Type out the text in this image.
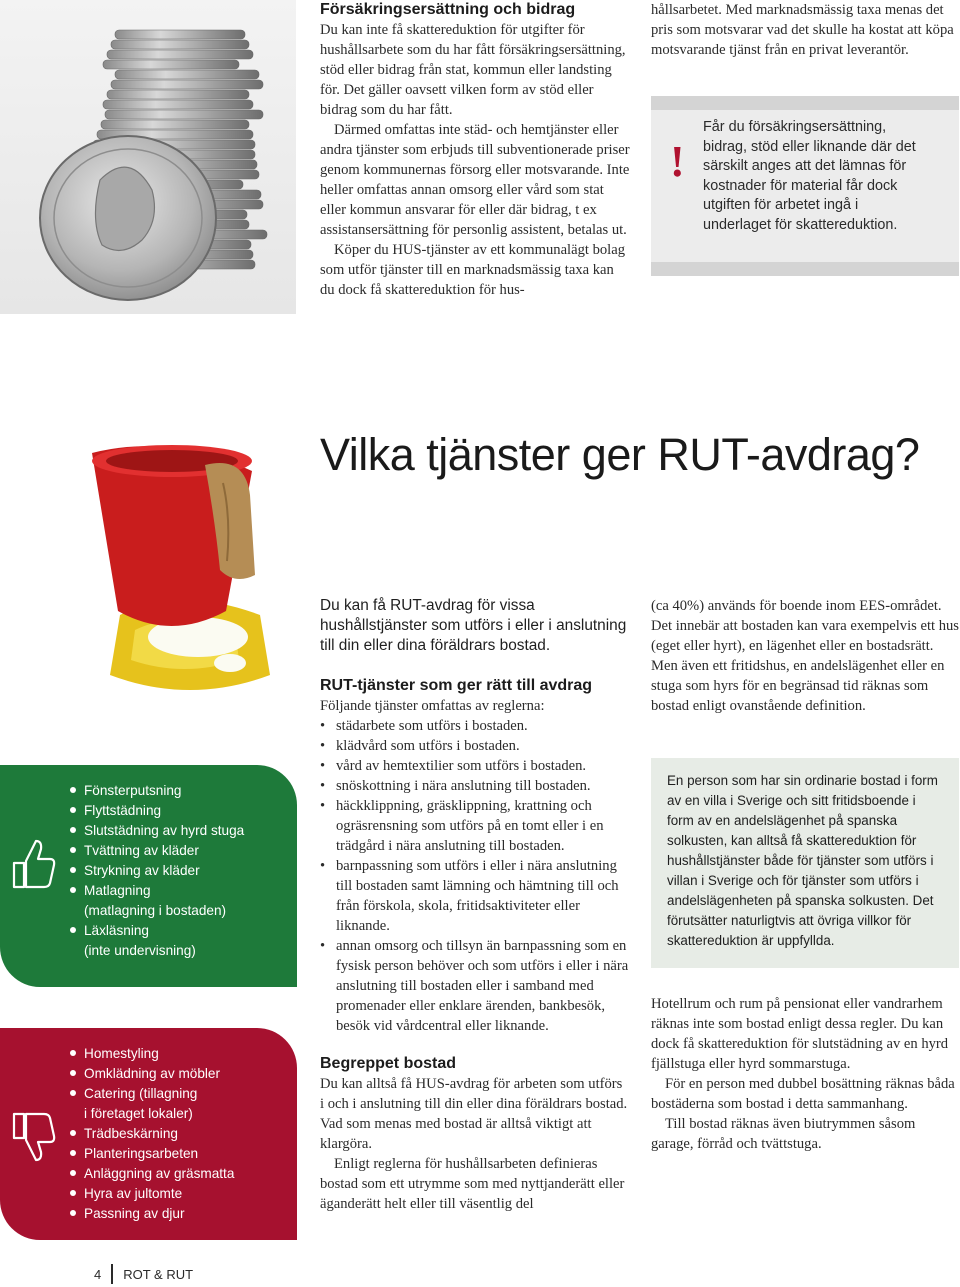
Försäkringsersättning och bidrag

Du kan inte få skattereduktion för utgifter för hushållsarbete som du har fått försäkringsersättning, stöd eller bidrag från stat, kommun eller landsting för. Det gäller oavsett vilken form av stöd eller bidrag som du har fått.

Därmed omfattas inte städ- och hemtjänster eller andra tjänster som erbjuds till subventionerade priser genom kommunernas försorg eller motsvarande. Inte heller omfattas annan omsorg eller vård som stat eller kommun ansvarar för eller där bidrag, t ex assistansersättning för personlig assistent, betalas ut.

Köper du HUS-tjänster av ett kommunalägt bolag som utför tjänster till en marknadsmässig taxa kan du dock få skattereduktion för hus-

hållsarbetet. Med marknadsmässig taxa menas det pris som motsvarar vad det skulle ha kostat att köpa motsvarande tjänst från en privat leverantör.

!
Får du försäkringsersättning, bidrag, stöd eller liknande där det särskilt anges att det lämnas för kostnader för material får dock utgiften för arbetet ingå i underlaget för skattereduktion.
Vilka tjänster ger RUT-avdrag?
Du kan få RUT-avdrag för vissa hushållstjänster som utförs i eller i anslutning till din eller dina föräldrars bostad.
RUT-tjänster som ger rätt till avdrag

Följande tjänster omfattas av reglerna:

• städarbete som utförs i bostaden.
• klädvård som utförs i bostaden.
• vård av hemtextilier som utförs i bostaden.
• snöskottning i nära anslutning till bostaden.
• häckklippning, gräsklippning, krattning och ogräsrensning som utförs på en tomt eller i en trädgård i nära anslutning till bostaden.
• barnpassning som utförs i eller i nära anslutning till bostaden samt lämning och hämtning till och från förskola, skola, fritidsaktiviteter eller liknande.
• annan omsorg och tillsyn än barnpassning som en fysisk person behöver och som utförs i eller i nära anslutning till bostaden eller i samband med promenader eller enklare ärenden, bankbesök, besök vid vårdcentral eller liknande.
Begreppet bostad

Du kan alltså få HUS-avdrag för arbeten som utförs i och i anslutning till din eller dina föräldrars bostad. Vad som menas med bostad är alltså viktigt att klargöra.

Enligt reglerna för hushållsarbeten definieras bostad som ett utrymme som med nyttjanderätt eller äganderätt helt eller till väsentlig del

(ca 40%) används för boende inom EES-området. Det innebär att bostaden kan vara exempelvis ett hus (eget eller hyrt), en lägenhet eller en bostadsrätt. Men även ett fritidshus, en andelslägenhet eller en stuga som hyrs för en begränsad tid räknas som bostad enligt ovanstående definition.

En person som har sin ordinarie bostad i form av en villa i Sverige och sitt fritidsboende i form av en andelslägenhet på spanska solkusten, kan alltså få skattereduktion för hushållstjänster både för tjänster som utförs i villan i Sverige och för tjänster som utförs i andelslägenheten på spanska solkusten. Det förutsätter naturligtvis att övriga villkor för skattereduktion är uppfyllda.

Hotellrum och rum på pensionat eller vandrarhem räknas inte som bostad enligt dessa regler. Du kan dock få skattereduktion för slutstädning av en hyrd fjällstuga eller hyrd sommarstuga.

För en person med dubbel bosättning räknas båda bostäderna som bostad i detta sammanhang.

Till bostad räknas även biutrymmen såsom garage, förråd och tvättstuga.

Fönsterputsning
Flyttstädning
Slutstädning av hyrd stuga
Tvättning av kläder
Strykning av kläder
Matlagning
(matlagning i bostaden)
Läxläsning
(inte undervisning)
Homestyling
Omklädning av möbler
Catering (tillagning
i företaget lokaler)
Trädbeskärning
Planteringsarbeten
Anläggning av gräsmatta
Hyra av jultomte
Passning av djur
4 ROT & RUT
